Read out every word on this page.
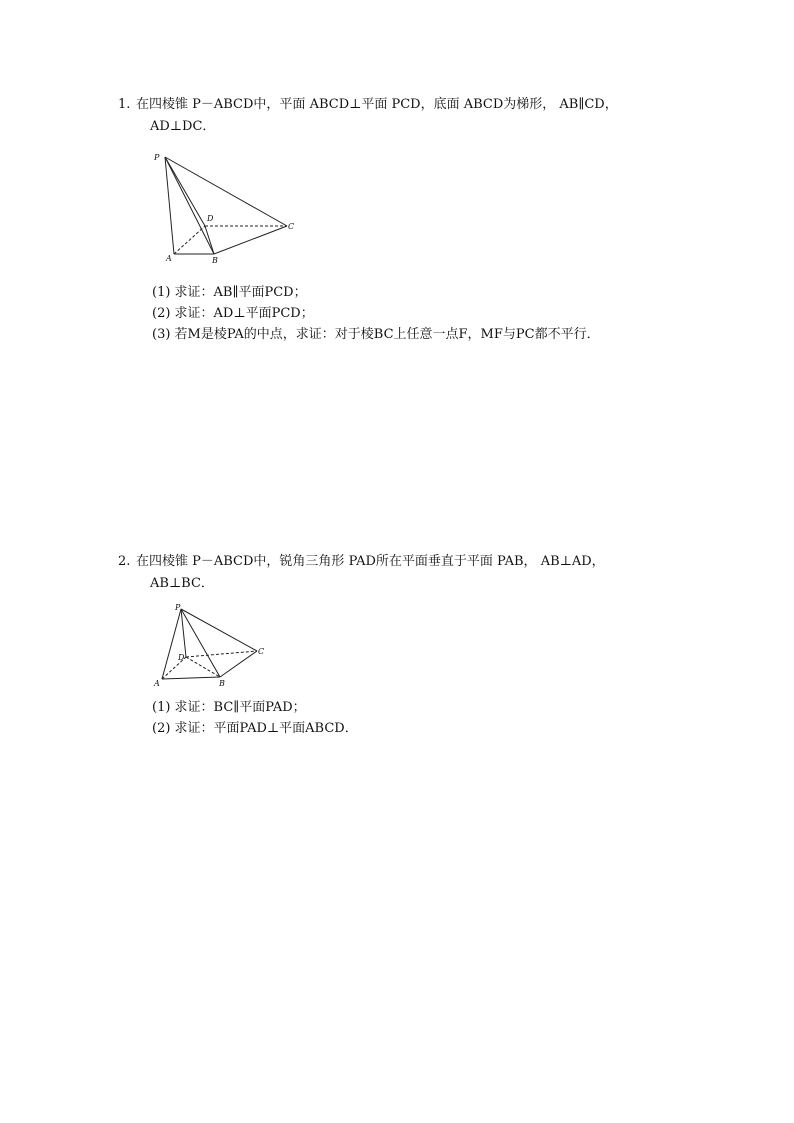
1. 在四棱锥 P－ABCD中，平面 ABCD⊥平面 PCD，底面 ABCD为梯形， AB∥CD，
AD⊥DC．
P
D
C
A	B
(1) 求证：AB∥平面PCD；
(2) 求证：AD⊥平面PCD；
(3) 若M是棱PA的中点，求证：对于棱BC上任意一点F，MF与PC都不平行．
2. 在四棱锥 P－ABCD中，锐角三角形 PAD所在平面垂直于平面 PAB， AB⊥AD，
AB⊥BC．
P
D
C
A	B
(1) 求证：BC∥平面PAD；
(2) 求证：平面PAD⊥平面ABCD．
